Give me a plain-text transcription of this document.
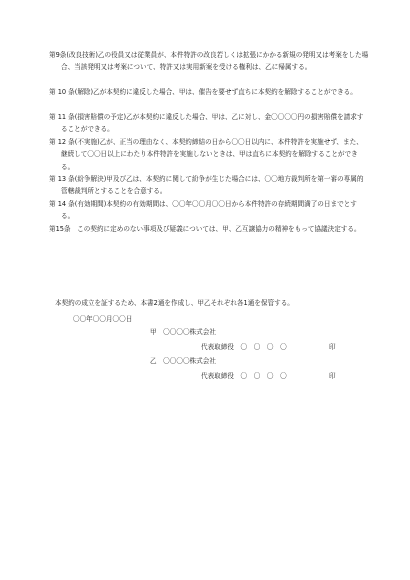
第9条(改良技術)乙の役員又は従業員が、本件特許の改良若しくは拡張にかかる新規の発明又は考案をした場合、当該発明又は考案について、特許又は実用新案を受ける権利は、乙に帰属する。

第 10 条(解除)乙が本契約に違反した場合、甲は、催告を要せず直ちに本契約を解除することができる。

第 11 条(損害賠償の予定)乙が本契約に違反した場合、甲は、乙に対し、金〇〇〇〇円の損害賠償を請求することができる。

第 12 条(不実施)乙が、正当の理由なく、本契約締結の日から〇〇日以内に、本件特許を実施せず、また、継続して〇〇日以上にわたり本件特許を実施しないときは、甲は直ちに本契約を解除することができる。

第 13 条(紛争解決)甲及び乙は、本契約に関して紛争が生じた場合には、〇〇地方裁判所を第一審の専属的管轄裁判所とすることを合意する。

第 14 条(有効期間)本契約の有効期間は、〇〇年〇〇月〇〇日から本件特許の存続期間満了の日までとする。

第15条　この契約に定めのない事項及び疑義については、甲、乙互譲協力の精神をもって協議決定する。

本契約の成立を証するため、本書2通を作成し、甲乙それぞれ各1通を保管する。

〇〇年〇〇月〇〇日
甲　〇〇〇〇株式会社
代表取締役　〇　〇　〇　〇	印
乙　〇〇〇〇株式会社
代表取締役　〇　〇　〇　〇	印
